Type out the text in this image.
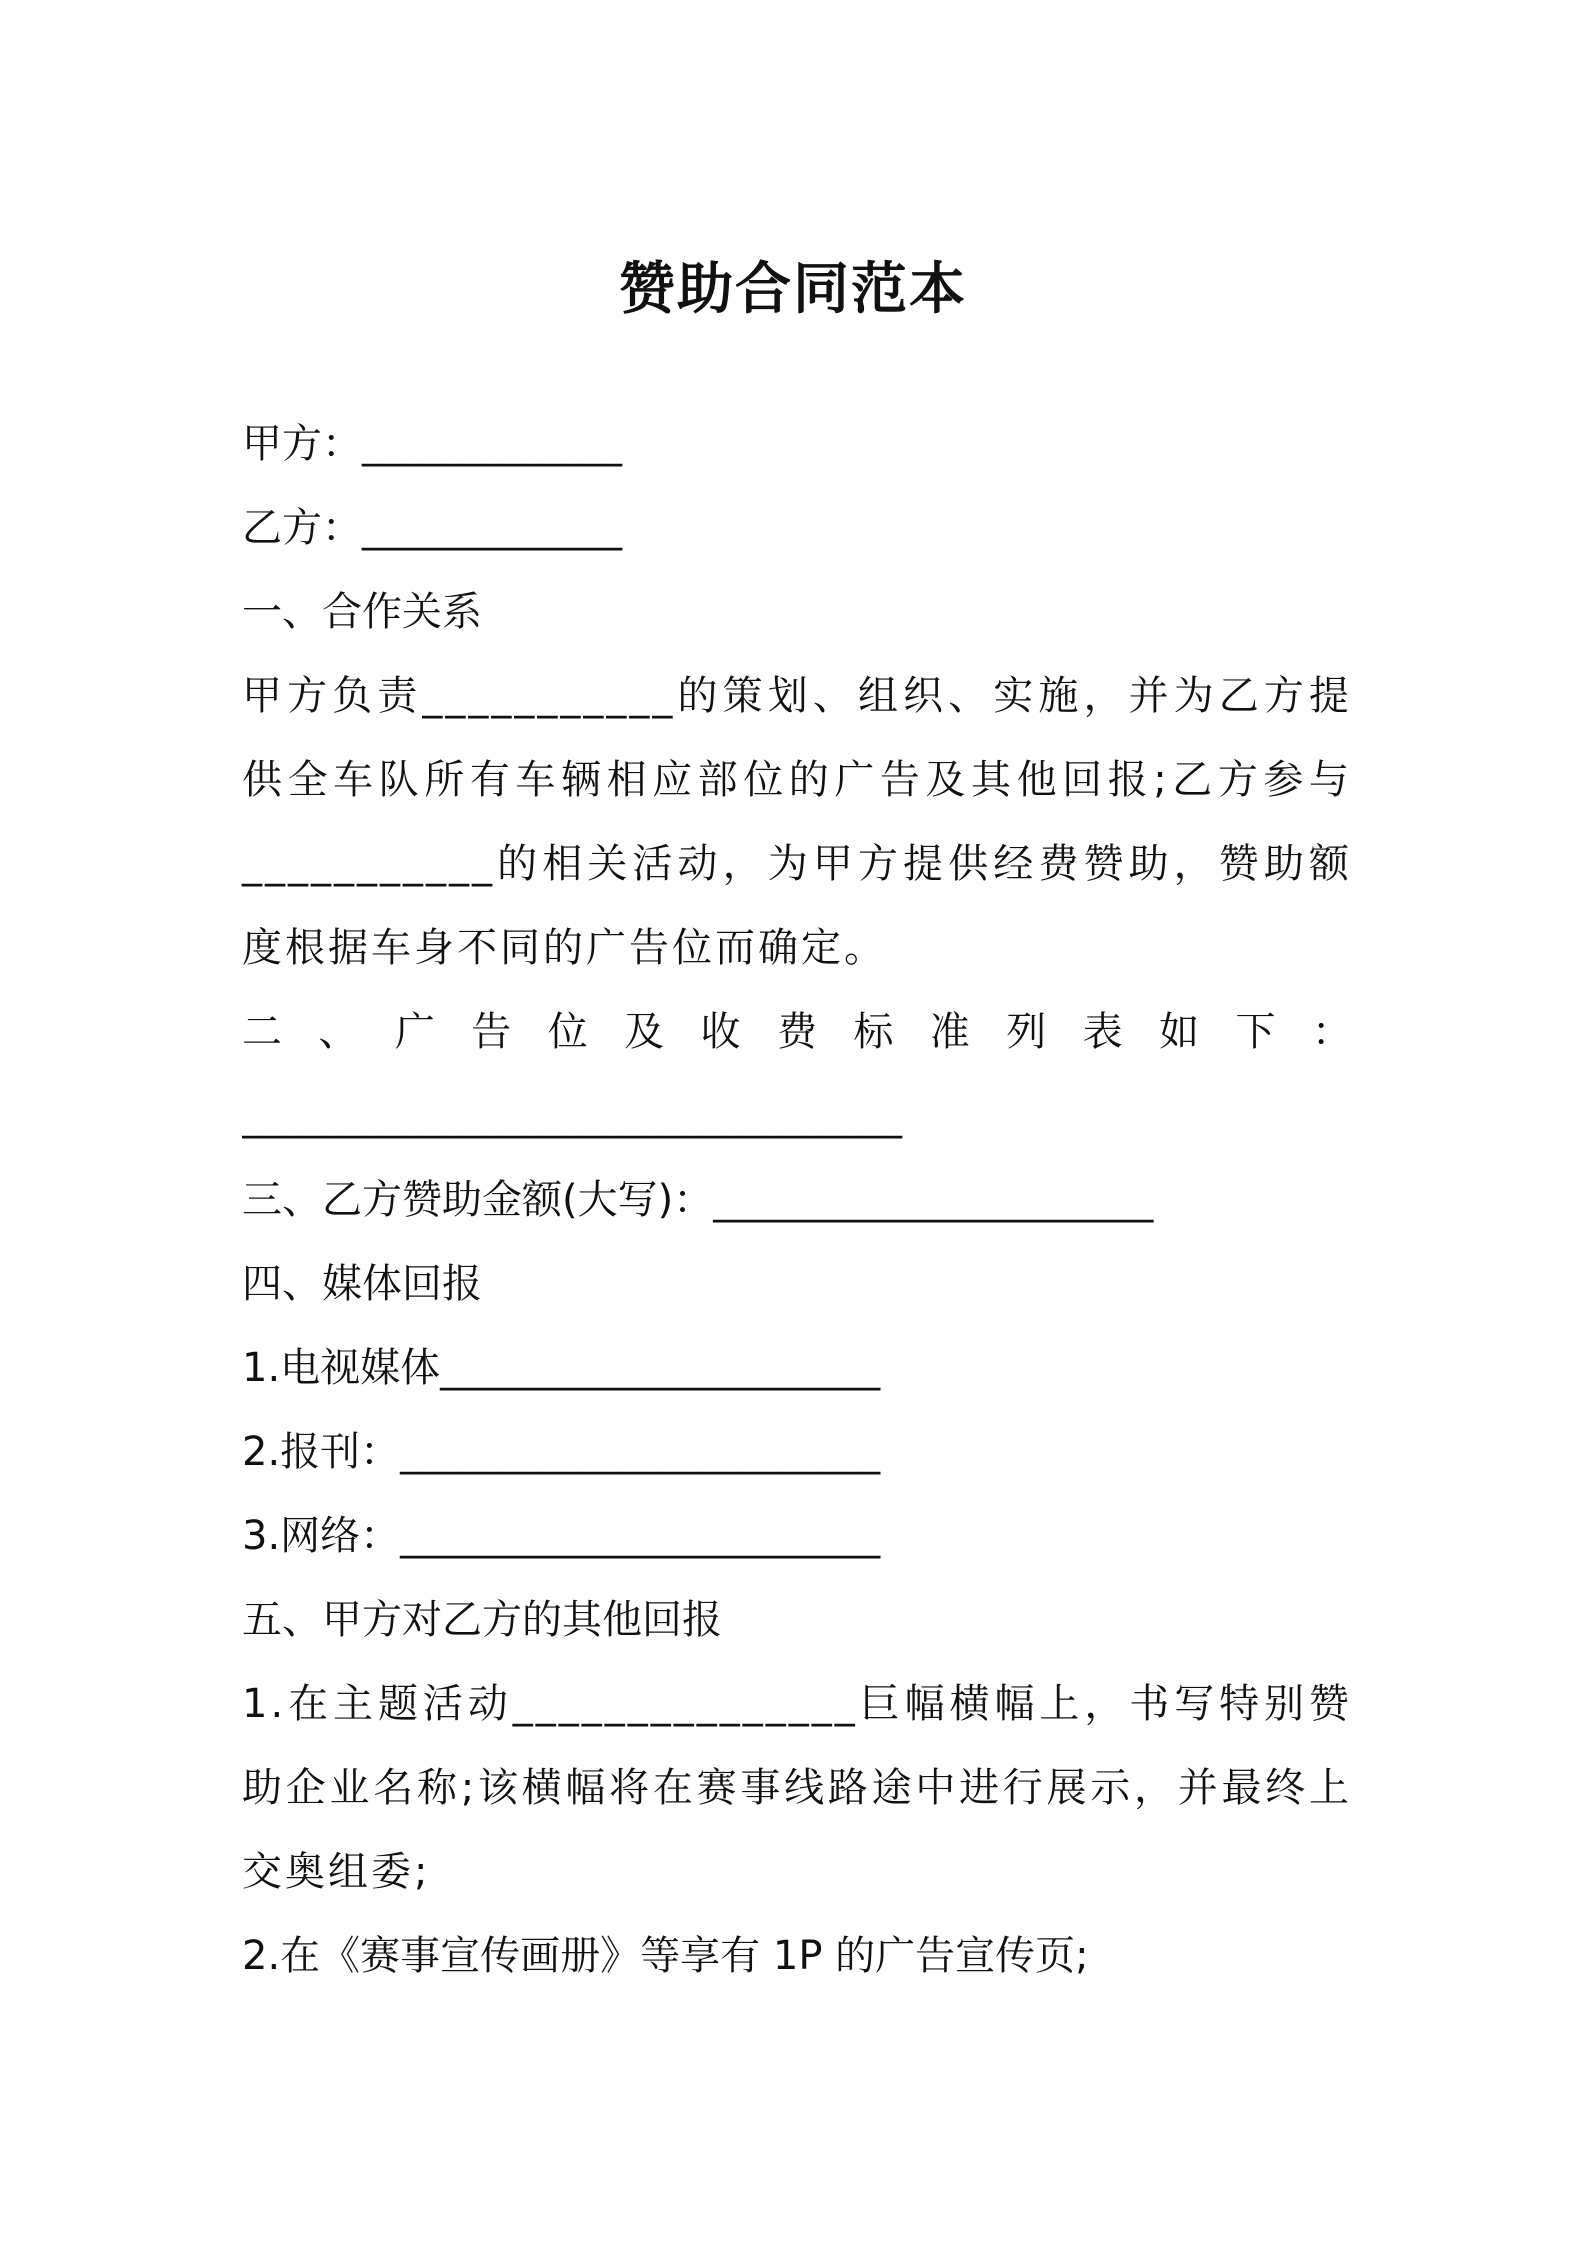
赞助合同范本
甲方：_____________
乙方：_____________
一、合作关系
甲方负责___________的策划、组织、实施，并为乙方提供全车队所有车辆相应部位的广告及其他回报;乙方参与___________的相关活动，为甲方提供经费赞助，赞助额度根据车身不同的广告位而确定。
二 、 广 告 位 及 收 费 标 准 列 表 如 下 ：
_________________________________
三、乙方赞助金额(大写)：______________________
四、媒体回报
1.电视媒体______________________
2.报刊：________________________
3.网络：________________________
五、甲方对乙方的其他回报
1.在主题活动_______________巨幅横幅上，书写特别赞助企业名称;该横幅将在赛事线路途中进行展示，并最终上交奥组委;
2.在《赛事宣传画册》等享有 1P 的广告宣传页;
